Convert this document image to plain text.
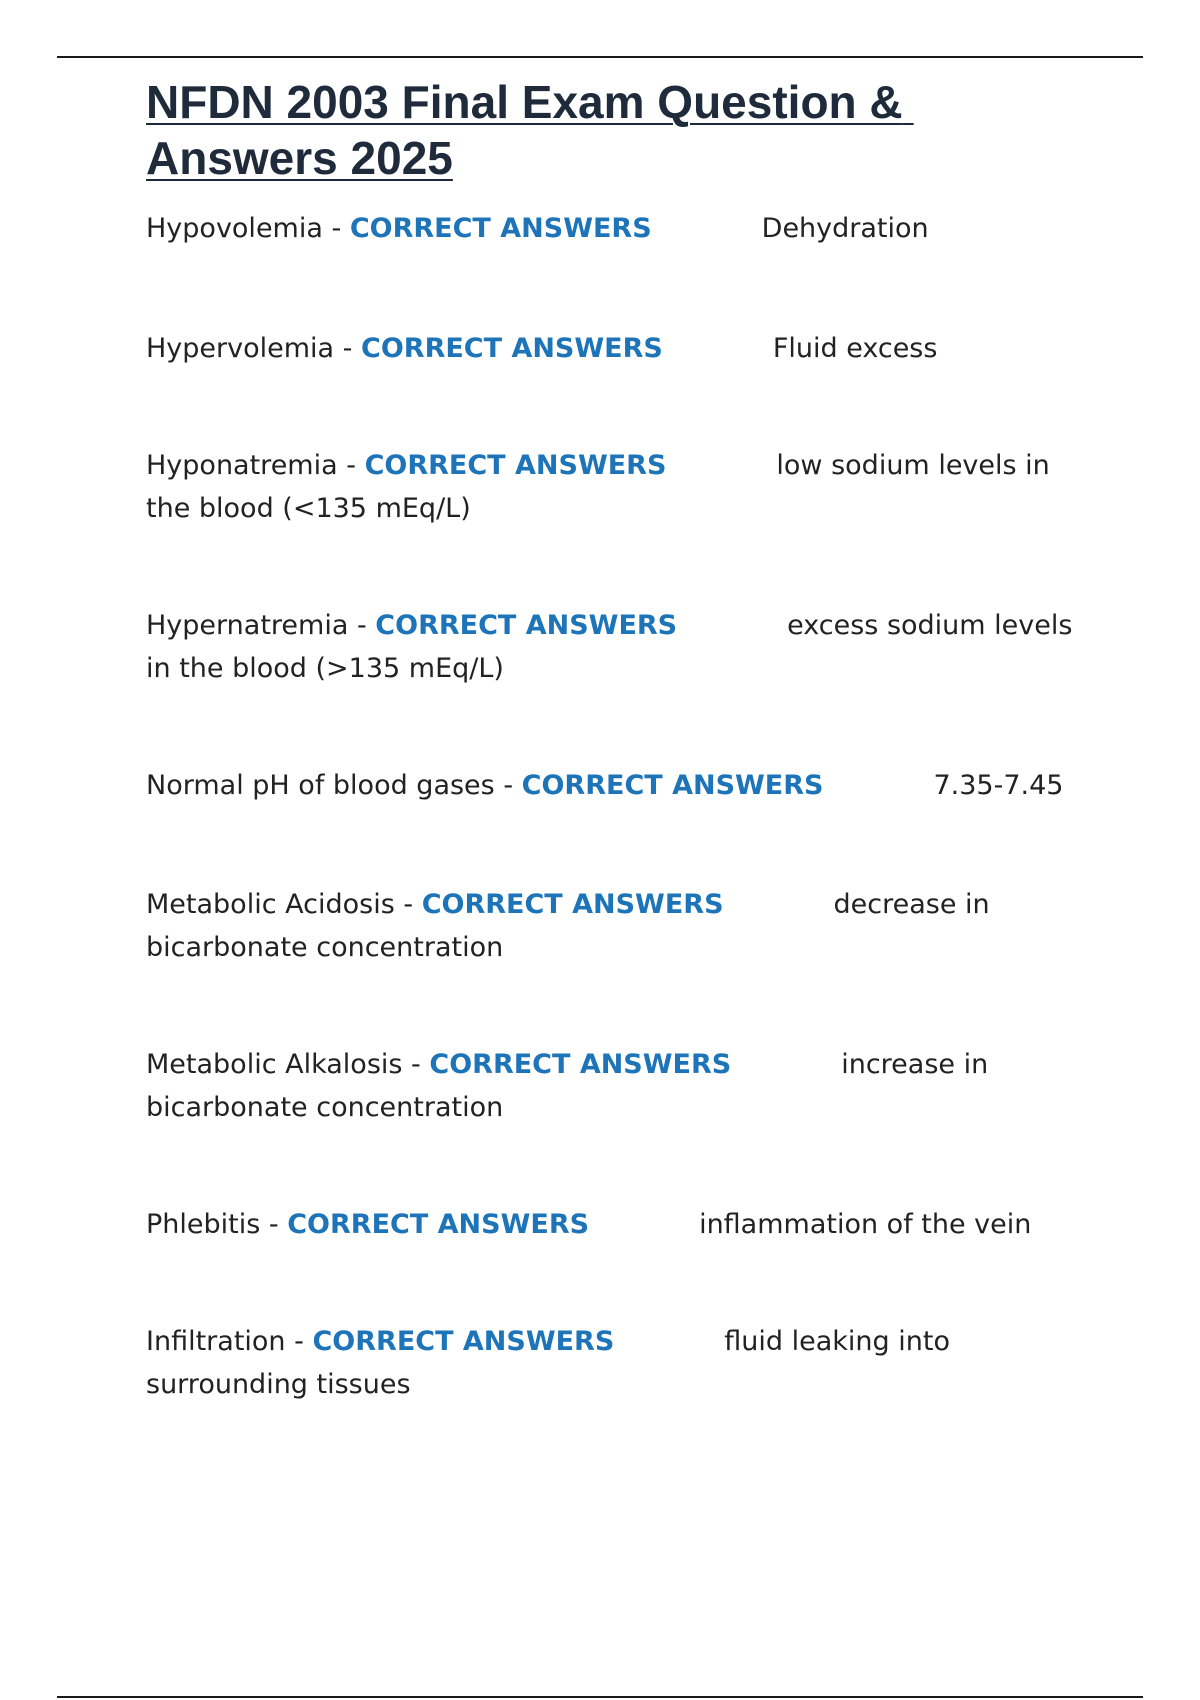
NFDN 2003 Final Exam Question & Answers 2025

Hypovolemia - CORRECT ANSWERS	Dehydration

Hypervolemia - CORRECT ANSWERS	Fluid excess

Hyponatremia - CORRECT ANSWERS	low sodium levels in the blood (<135 mEq/L)

Hypernatremia - CORRECT ANSWERS	excess sodium levels in the blood (>135 mEq/L)

Normal pH of blood gases - CORRECT ANSWERS	7.35-7.45

Metabolic Acidosis - CORRECT ANSWERS	decrease in bicarbonate concentration

Metabolic Alkalosis - CORRECT ANSWERS	increase in bicarbonate concentration

Phlebitis - CORRECT ANSWERS	inflammation of the vein

Infiltration - CORRECT ANSWERS	fluid leaking into surrounding tissues
